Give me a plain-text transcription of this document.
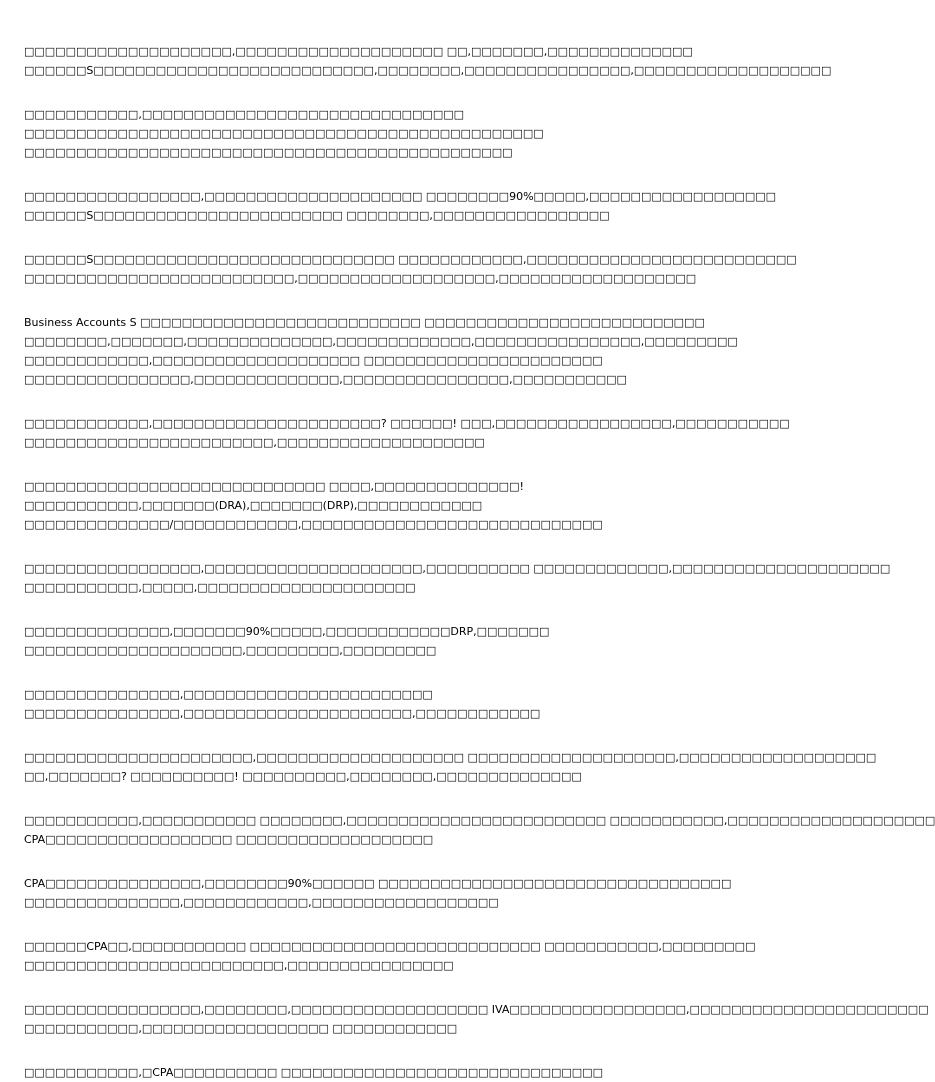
□□□□□□□□□□□□□□□□□□□□,□□□□□□□□□□□□□□□□□□□□ □□,□□□□□□□,□□□□□□□□□□□□□□
□□□□□□S□□□□□□□□□□□□□□□□□□□□□□□□□□□,□□□□□□□□,□□□□□□□□□□□□□□□□,□□□□□□□□□□□□□□□□□□□
□□□□□□□□□□□,□□□□□□□□□□□□□□□□□□□□□□□□□□□□□□□
□□□□□□□□□□□□□□□□□□□□□□□□□□□□□□□□□□□□□□□□□□□□□□□□□□
□□□□□□□□□□□□□□□□□□□□□□□□□□□□□□□□□□□□□□□□□□□□□□□
□□□□□□□□□□□□□□□□□,□□□□□□□□□□□□□□□□□□□□□ □□□□□□□□90%□□□□□,□□□□□□□□□□□□□□□□□□
□□□□□□S□□□□□□□□□□□□□□□□□□□□□□□□ □□□□□□□□,□□□□□□□□□□□□□□□□□
□□□□□□S□□□□□□□□□□□□□□□□□□□□□□□□□□□□□ □□□□□□□□□□□□,□□□□□□□□□□□□□□□□□□□□□□□□□□
□□□□□□□□□□□□□□□□□□□□□□□□□□,□□□□□□□□□□□□□□□□□□□,□□□□□□□□□□□□□□□□□□□
Business Accounts S □□□□□□□□□□□□□□□□□□□□□□□□□□□ □□□□□□□□□□□□□□□□□□□□□□□□□□□
□□□□□□□□,□□□□□□□,□□□□□□□□□□□□□□,□□□□□□□□□□□□□,□□□□□□□□□□□□□□□□,□□□□□□□□□
□□□□□□□□□□□□,□□□□□□□□□□□□□□□□□□□□ □□□□□□□□□□□□□□□□□□□□□□□
□□□□□□□□□□□□□□□□,□□□□□□□□□□□□□□,□□□□□□□□□□□□□□□□,□□□□□□□□□□□
□□□□□□□□□□□□,□□□□□□□□□□□□□□□□□□□□□□? □□□□□□! □□□,□□□□□□□□□□□□□□□□□,□□□□□□□□□□□
□□□□□□□□□□□□□□□□□□□□□□□□,□□□□□□□□□□□□□□□□□□□□
□□□□□□□□□□□□□□□□□□□□□□□□□□□□□ □□□□,□□□□□□□□□□□□□□!
□□□□□□□□□□□,□□□□□□□(DRA),□□□□□□□(DRP),□□□□□□□□□□□□
□□□□□□□□□□□□□□/□□□□□□□□□□□□,□□□□□□□□□□□□□□□□□□□□□□□□□□□□□
□□□□□□□□□□□□□□□□□,□□□□□□□□□□□□□□□□□□□□□,□□□□□□□□□□ □□□□□□□□□□□□□,□□□□□□□□□□□□□□□□□□□□□
□□□□□□□□□□□,□□□□□,□□□□□□□□□□□□□□□□□□□□□
□□□□□□□□□□□□□□,□□□□□□□90%□□□□□,□□□□□□□□□□□□DRP,□□□□□□□
□□□□□□□□□□□□□□□□□□□□□,□□□□□□□□□,□□□□□□□□□
□□□□□□□□□□□□□□□,□□□□□□□□□□□□□□□□□□□□□□□□
□□□□□□□□□□□□□□□,□□□□□□□□□□□□□□□□□□□□□□,□□□□□□□□□□□□
□□□□□□□□□□□□□□□□□□□□□□,□□□□□□□□□□□□□□□□□□□□ □□□□□□□□□□□□□□□□□□□□,□□□□□□□□□□□□□□□□□□□
□□,□□□□□□□? □□□□□□□□□□! □□□□□□□□□□,□□□□□□□□,□□□□□□□□□□□□□□
□□□□□□□□□□□,□□□□□□□□□□□ □□□□□□□□,□□□□□□□□□□□□□□□□□□□□□□□□□ □□□□□□□□□□□,□□□□□□□□□□□□□□□□□□□□
CPA□□□□□□□□□□□□□□□□□□ □□□□□□□□□□□□□□□□□□□
CPA□□□□□□□□□□□□□□□,□□□□□□□□90%□□□□□□ □□□□□□□□□□□□□□□□□□□□□□□□□□□□□□□□□□
□□□□□□□□□□□□□□□,□□□□□□□□□□□□,□□□□□□□□□□□□□□□□□□
□□□□□□CPA□□,□□□□□□□□□□□ □□□□□□□□□□□□□□□□□□□□□□□□□□□□ □□□□□□□□□□□,□□□□□□□□□
□□□□□□□□□□□□□□□□□□□□□□□□□,□□□□□□□□□□□□□□□□
□□□□□□□□□□□□□□□□□,□□□□□□□□,□□□□□□□□□□□□□□□□□□□ IVA□□□□□□□□□□□□□□□□□,□□□□□□□□□□□□□□□□□□□□□□□
□□□□□□□□□□□,□□□□□□□□□□□□□□□□□□ □□□□□□□□□□□□
□□□□□□□□□□□,□CPA□□□□□□□□□□ □□□□□□□□□□□□□□□□□□□□□□□□□□□□□□□
